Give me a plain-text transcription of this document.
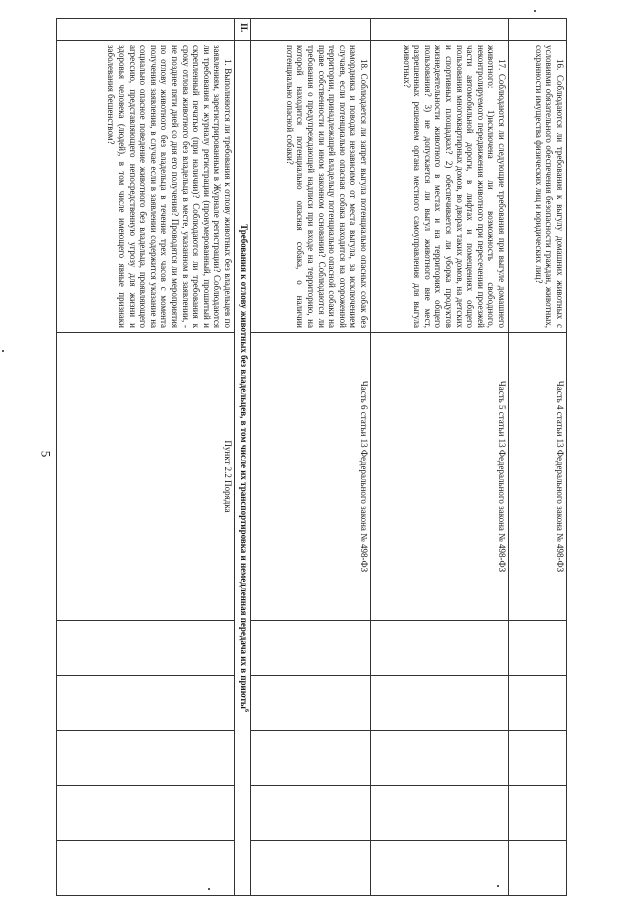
5

	16. Соблюдаются ли требования к выгулу домашних животных с условиями обязательного обеспечения безопасности граждан, животных, сохранности имущества физических лиц и юридических лиц?	Часть 4 статьи 13 Федерального закона № 498-ФЗ					

	17. Соблюдаются ли следующие требования при выгуле домашнего животного: 1)исключена ли возможность свободного, неконтролируемого передвижения животного при пересечении проезжей части автомобильной дороги, в лифтах и помещениях общего пользования многоквартирных домов, во дворах таких домов, на детских и спортивных площадках? 2) обеспечивается ли уборка продуктов жизнедеятельности животного в местах и на территориях общего пользования? 3) не допускается ли выгул животного вне мест, разрешенных решением органа местного самоуправления для выгула животных?	Часть 5 статьи 13 Федерального закона № 498-ФЗ					

	18. Соблюдается ли запрет выгула потенциально опасных собак без намордника и поводка независимо от места выгула, за исключением случаев, если потенциально опасная собака находится на огороженной территории, принадлежащей владельцу потенциально опасной собаки на праве собственности или ином законном основании? Соблюдаются ли требования о предупреждающей надписи при входе на территорию, на которой находится потенциально опасная собака, о наличии потенциально опасной собаки?	Часть 6 статьи 13 Федерального закона № 498-ФЗ					
II.	Требования к отлову животных без владельцев, в том числе их транспортировка и немедленная передача их в приюты$^6$

	1. Выполняются ли требования к отлову животных без владельцев по заявлениям, зарегистрированным в Журнале регистрации? Соблюдаются ли требования к журналу регистрации (пронумерованный, прошитый и скрепленный печатью (при наличии)? Соблюдаются ли требования к сроку отлова животного без владельца в месте, указанном в заявлении, - не позднее пяти дней со дня его получения? Проводятся ли мероприятия по отлову животного без владельца в течение трех часов с момента получения заявления, в случае если в заявлении содержится указание на социально опасное поведение животного без владельца, проявляющего агрессию, представляющего непосредственную угрозу для жизни и здоровья человека (людей), в том числе имеющего явные признаки заболевания бешенством?	Пункт 2.2 Порядка					
